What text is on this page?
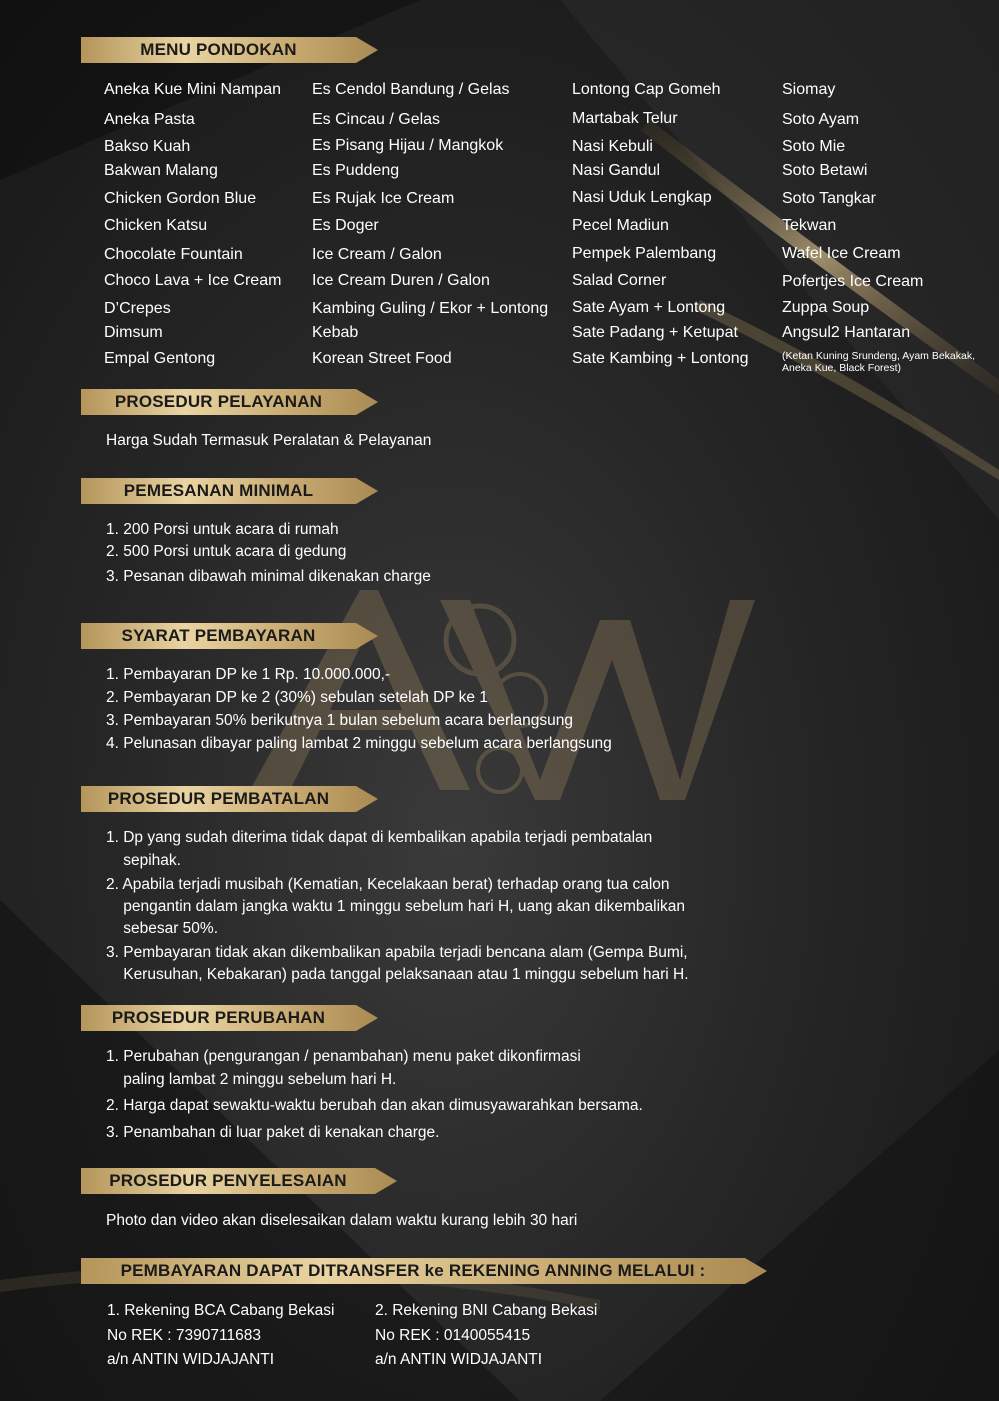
MENU PONDOKAN
Aneka Kue Mini Nampan
Aneka Pasta
Bakso Kuah
Bakwan Malang
Chicken Gordon Blue
Chicken Katsu
Chocolate Fountain
Choco Lava + Ice Cream
D’Crepes
Dimsum
Empal Gentong
Es Cendol Bandung / Gelas
Es Cincau / Gelas
Es Pisang Hijau / Mangkok
Es Puddeng
Es Rujak Ice Cream
Es Doger
Ice Cream / Galon
Ice Cream Duren / Galon
Kambing Guling / Ekor + Lontong
Kebab
Korean Street Food
Lontong Cap Gomeh
Martabak Telur
Nasi Kebuli
Nasi Gandul
Nasi Uduk Lengkap
Pecel Madiun
Pempek Palembang
Salad Corner
Sate Ayam + Lontong
Sate Padang + Ketupat
Sate Kambing + Lontong
Siomay
Soto Ayam
Soto Mie
Soto Betawi
Soto Tangkar
Tekwan
Wafel Ice Cream
Pofertjes Ice Cream
Zuppa Soup
Angsul2 Hantaran
(Ketan Kuning Srundeng, Ayam Bekakak, Aneka Kue, Black Forest)
PROSEDUR PELAYANAN
Harga Sudah Termasuk Peralatan & Pelayanan
PEMESANAN MINIMAL
1. 200 Porsi untuk acara di rumah
2. 500 Porsi untuk acara di gedung
3. Pesanan dibawah minimal dikenakan charge
SYARAT PEMBAYARAN
1. Pembayaran DP ke 1 Rp. 10.000.000,-
2. Pembayaran DP ke 2 (30%) sebulan setelah DP ke 1
3. Pembayaran 50% berikutnya 1 bulan sebelum acara berlangsung
4. Pelunasan dibayar paling lambat 2 minggu sebelum acara berlangsung
PROSEDUR PEMBATALAN
1. Dp yang sudah diterima tidak dapat di kembalikan apabila terjadi pembatalan
sepihak.
2. Apabila terjadi musibah (Kematian, Kecelakaan berat) terhadap orang tua calon
pengantin dalam jangka waktu 1 minggu sebelum hari H, uang akan dikembalikan
sebesar 50%.
3. Pembayaran tidak akan dikembalikan apabila terjadi bencana alam (Gempa Bumi,
Kerusuhan, Kebakaran) pada tanggal pelaksanaan atau 1 minggu sebelum hari H.
PROSEDUR PERUBAHAN
1. Perubahan (pengurangan / penambahan) menu paket dikonfirmasi
paling lambat 2 minggu sebelum hari H.
2. Harga dapat sewaktu-waktu berubah dan akan dimusyawarahkan bersama.
3. Penambahan di luar paket di kenakan charge.
PROSEDUR PENYELESAIAN
Photo dan video akan diselesaikan dalam waktu kurang lebih 30 hari
PEMBAYARAN DAPAT DITRANSFER ke REKENING ANNING MELALUI :
1. Rekening BCA Cabang Bekasi
No REK : 7390711683
a/n ANTIN WIDJAJANTI
2. Rekening BNI Cabang Bekasi
No REK : 0140055415
a/n ANTIN WIDJAJANTI
